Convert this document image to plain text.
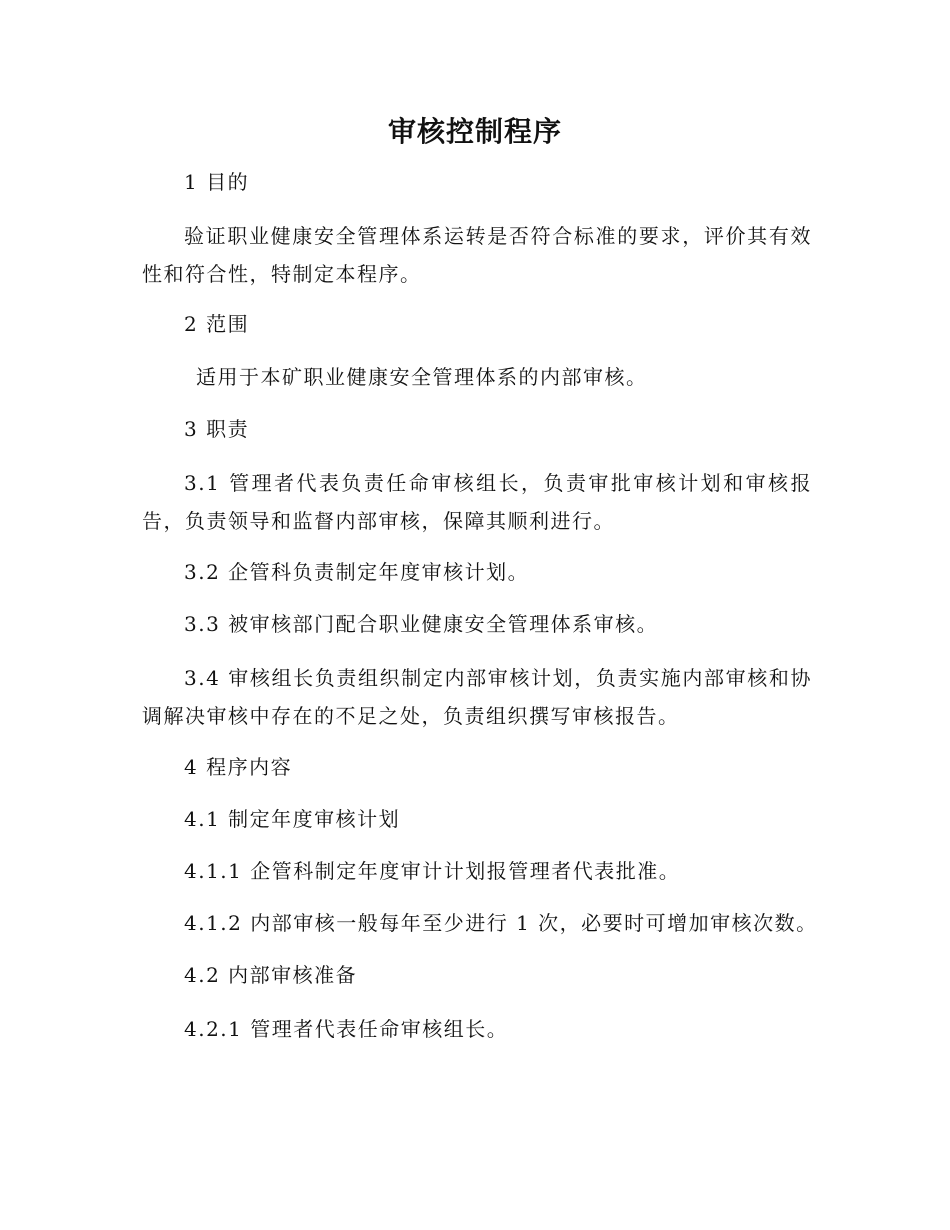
审核控制程序
1 目的
验证职业健康安全管理体系运转是否符合标准的要求，评价其有效性和符合性，特制定本程序。
2 范围
适用于本矿职业健康安全管理体系的内部审核。
3 职责
3.1 管理者代表负责任命审核组长，负责审批审核计划和审核报告，负责领导和监督内部审核，保障其顺利进行。
3.2 企管科负责制定年度审核计划。
3.3 被审核部门配合职业健康安全管理体系审核。
3.4 审核组长负责组织制定内部审核计划，负责实施内部审核和协调解决审核中存在的不足之处，负责组织撰写审核报告。
4 程序内容
4.1 制定年度审核计划
4.1.1 企管科制定年度审计计划报管理者代表批准。
4.1.2 内部审核一般每年至少进行 1 次，必要时可增加审核次数。
4.2 内部审核准备
4.2.1 管理者代表任命审核组长。
